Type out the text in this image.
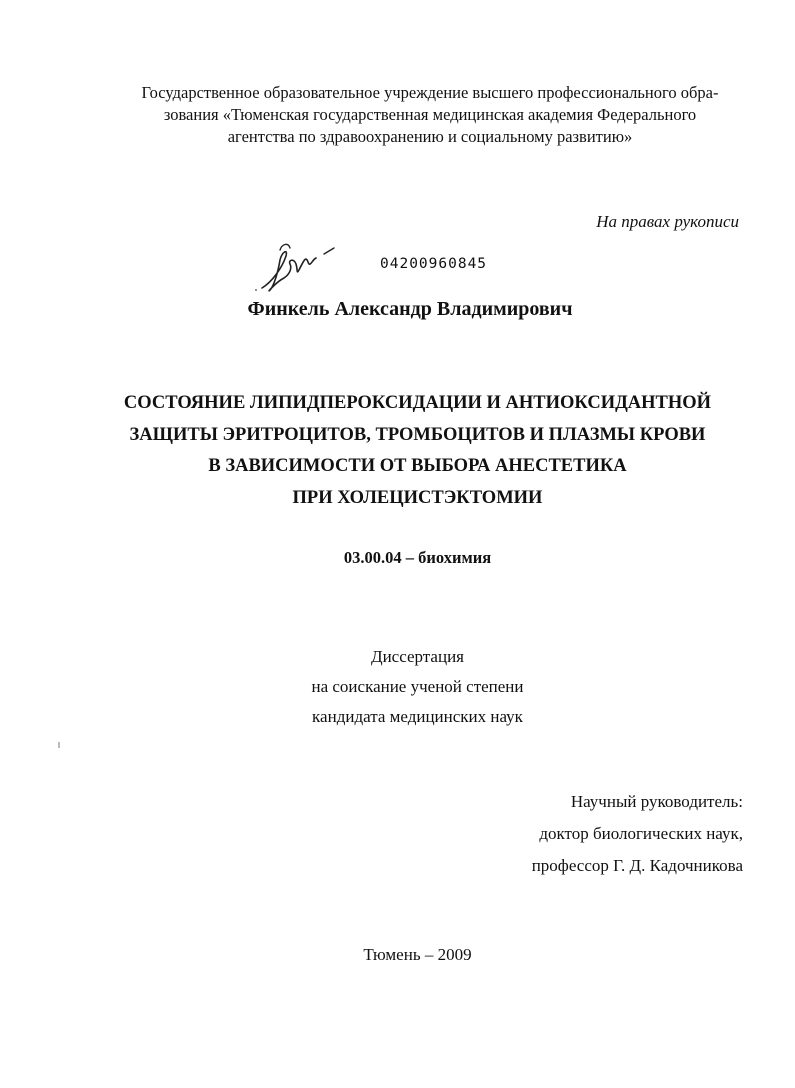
Государственное образовательное учреждение высшего профессионального обра-
зования «Тюменская государственная медицинская академия Федерального
агентства по здравоохранению и социальному развитию»
На правах рукописи
04200960845
Финкель Александр Владимирович
СОСТОЯНИЕ ЛИПИДПЕРОКСИДАЦИИ И АНТИОКСИДАНТНОЙ
ЗАЩИТЫ ЭРИТРОЦИТОВ, ТРОМБОЦИТОВ И ПЛАЗМЫ КРОВИ
В ЗАВИСИМОСТИ ОТ ВЫБОРА АНЕСТЕТИКА
ПРИ ХОЛЕЦИСТЭКТОМИИ
03.00.04 – биохимия
Диссертация
на соискание ученой степени
кандидата медицинских наук
Научный руководитель:
доктор биологических наук,
профессор Г. Д. Кадочникова
Тюмень – 2009
